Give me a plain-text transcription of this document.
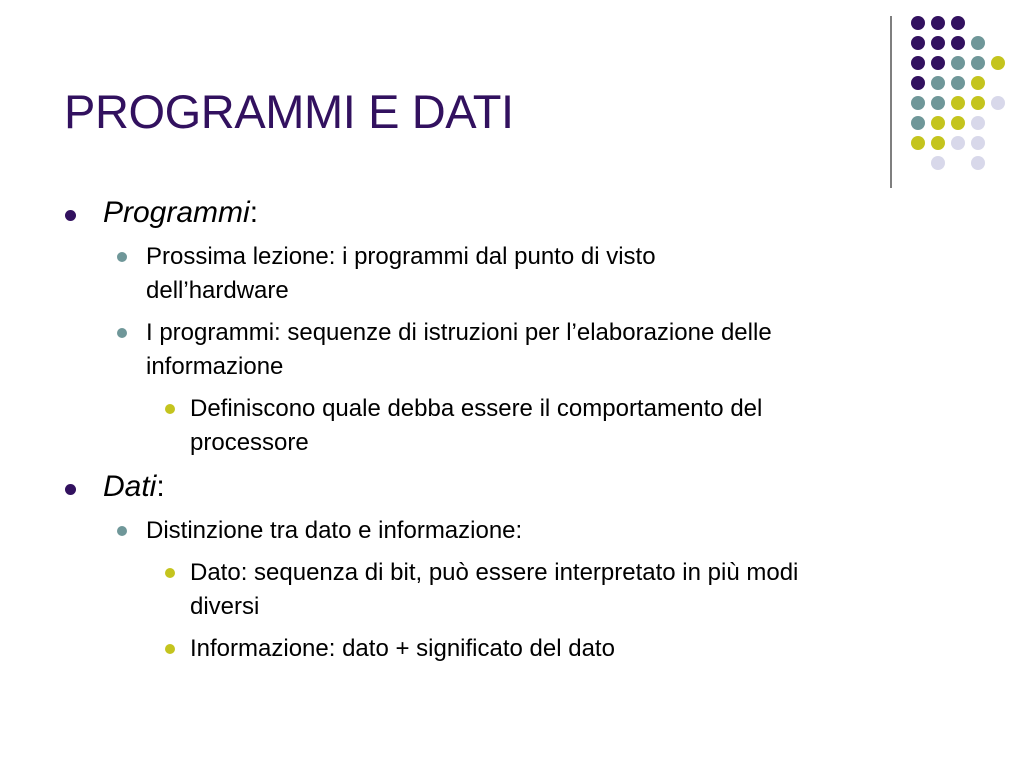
PROGRAMMI E DATI
Programmi:
Prossima lezione: i programmi dal punto di visto
dell’hardware
I programmi: sequenze di istruzioni per l’elaborazione delle
informazione
Definiscono quale debba essere il comportamento del
processore
Dati:
Distinzione tra dato e informazione:
Dato: sequenza di bit, può essere interpretato in più modi
diversi
Informazione: dato + significato del dato
